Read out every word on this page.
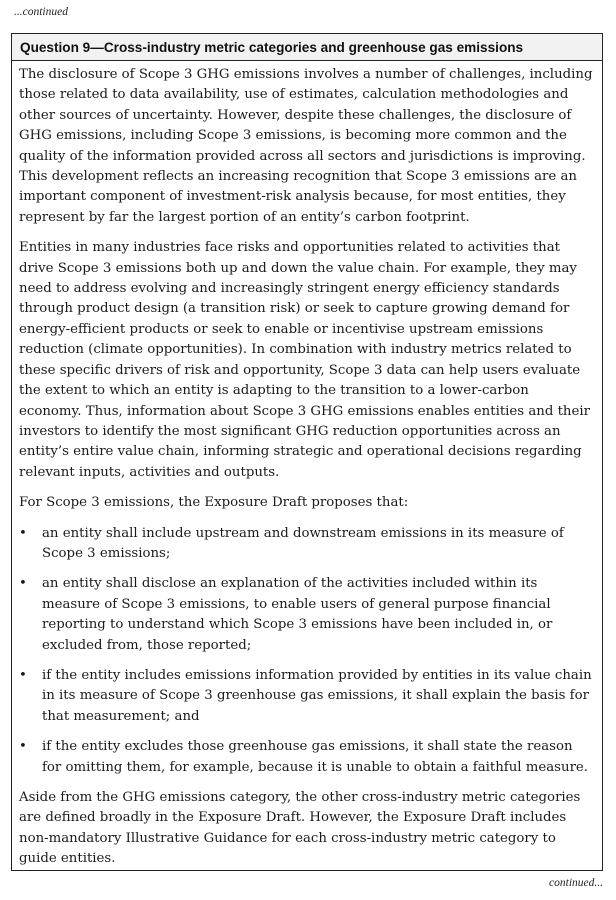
...continued
Question 9—Cross-industry metric categories and greenhouse gas emissions

The disclosure of Scope 3 GHG emissions involves a number of challenges, including those related to data availability, use of estimates, calculation methodologies and other sources of uncertainty. However, despite these challenges, the disclosure of GHG emissions, including Scope 3 emissions, is becoming more common and the quality of the information provided across all sectors and jurisdictions is improving. This development reflects an increasing recognition that Scope 3 emissions are an important component of investment-risk analysis because, for most entities, they represent by far the largest portion of an entity’s carbon footprint.

Entities in many industries face risks and opportunities related to activities that drive Scope 3 emissions both up and down the value chain. For example, they may need to address evolving and increasingly stringent energy efficiency standards through product design (a transition risk) or seek to capture growing demand for energy-efficient products or seek to enable or incentivise upstream emissions reduction (climate opportunities). In combination with industry metrics related to these specific drivers of risk and opportunity, Scope 3 data can help users evaluate the extent to which an entity is adapting to the transition to a lower-carbon economy. Thus, information about Scope 3 GHG emissions enables entities and their investors to identify the most significant GHG reduction opportunities across an entity’s entire value chain, informing strategic and operational decisions regarding relevant inputs, activities and outputs.

For Scope 3 emissions, the Exposure Draft proposes that:

• an entity shall include upstream and downstream emissions in its measure of Scope 3 emissions;
• an entity shall disclose an explanation of the activities included within its measure of Scope 3 emissions, to enable users of general purpose financial reporting to understand which Scope 3 emissions have been included in, or excluded from, those reported;
• if the entity includes emissions information provided by entities in its value chain in its measure of Scope 3 greenhouse gas emissions, it shall explain the basis for that measurement; and
• if the entity excludes those greenhouse gas emissions, it shall state the reason for omitting them, for example, because it is unable to obtain a faithful measure.

Aside from the GHG emissions category, the other cross-industry metric categories are defined broadly in the Exposure Draft. However, the Exposure Draft includes non-mandatory Illustrative Guidance for each cross-industry metric category to guide entities.

continued...
